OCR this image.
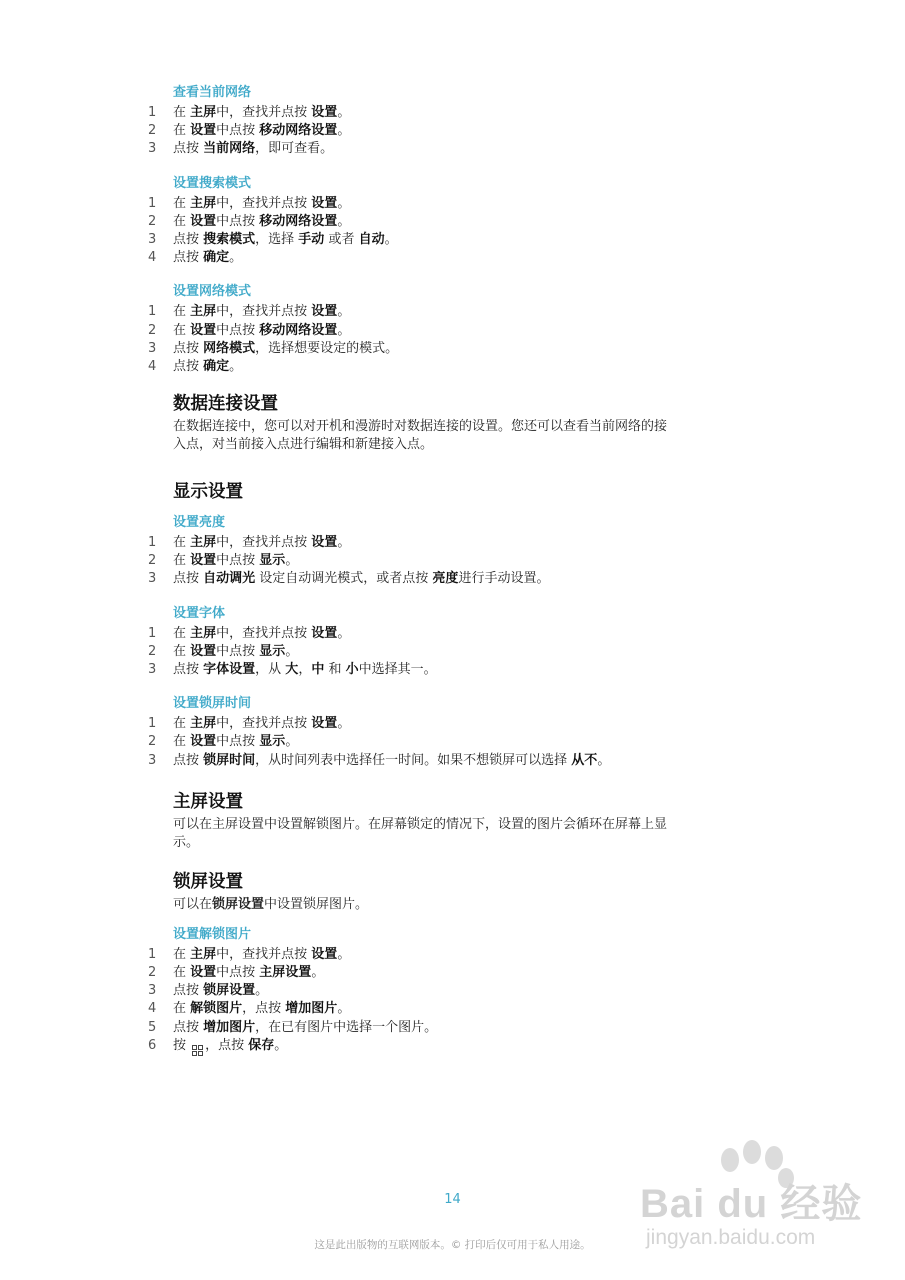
查看当前网络
1	在 主屏中，查找并点按 设置。
2	在 设置中点按 移动网络设置。
3	点按 当前网络，即可查看。
设置搜索模式
1	在 主屏中，查找并点按 设置。
2	在 设置中点按 移动网络设置。
3	点按 搜索模式，选择 手动 或者 自动。
4	点按 确定。
设置网络模式
1	在 主屏中，查找并点按 设置。
2	在 设置中点按 移动网络设置。
3	点按 网络模式，选择想要设定的模式。
4	点按 确定。
数据连接设置
在数据连接中，您可以对开机和漫游时对数据连接的设置。您还可以查看当前网络的接
入点，对当前接入点进行编辑和新建接入点。
显示设置
设置亮度
1	在 主屏中，查找并点按 设置。
2	在 设置中点按 显示。
3	点按 自动调光 设定自动调光模式，或者点按 亮度进行手动设置。
设置字体
1	在 主屏中，查找并点按 设置。
2	在 设置中点按 显示。
3	点按 字体设置，从 大，中 和 小中选择其一。
设置锁屏时间
1	在 主屏中，查找并点按 设置。
2	在 设置中点按 显示。
3	点按 锁屏时间，从时间列表中选择任一时间。如果不想锁屏可以选择 从不。
主屏设置
可以在主屏设置中设置解锁图片。在屏幕锁定的情况下，设置的图片会循环在屏幕上显
示。
锁屏设置
可以在锁屏设置中设置锁屏图片。
设置解锁图片
1	在 主屏中，查找并点按 设置。
2	在 设置中点按 主屏设置。
3	点按 锁屏设置。
4	在 解锁图片，点按 增加图片。
5	点按 增加图片，在已有图片中选择一个图片。
6	按
，点按 保存。
14
这是此出版物的互联网版本。© 打印后仅可用于私人用途。
Bai du 经验
jingyan.baidu.com
